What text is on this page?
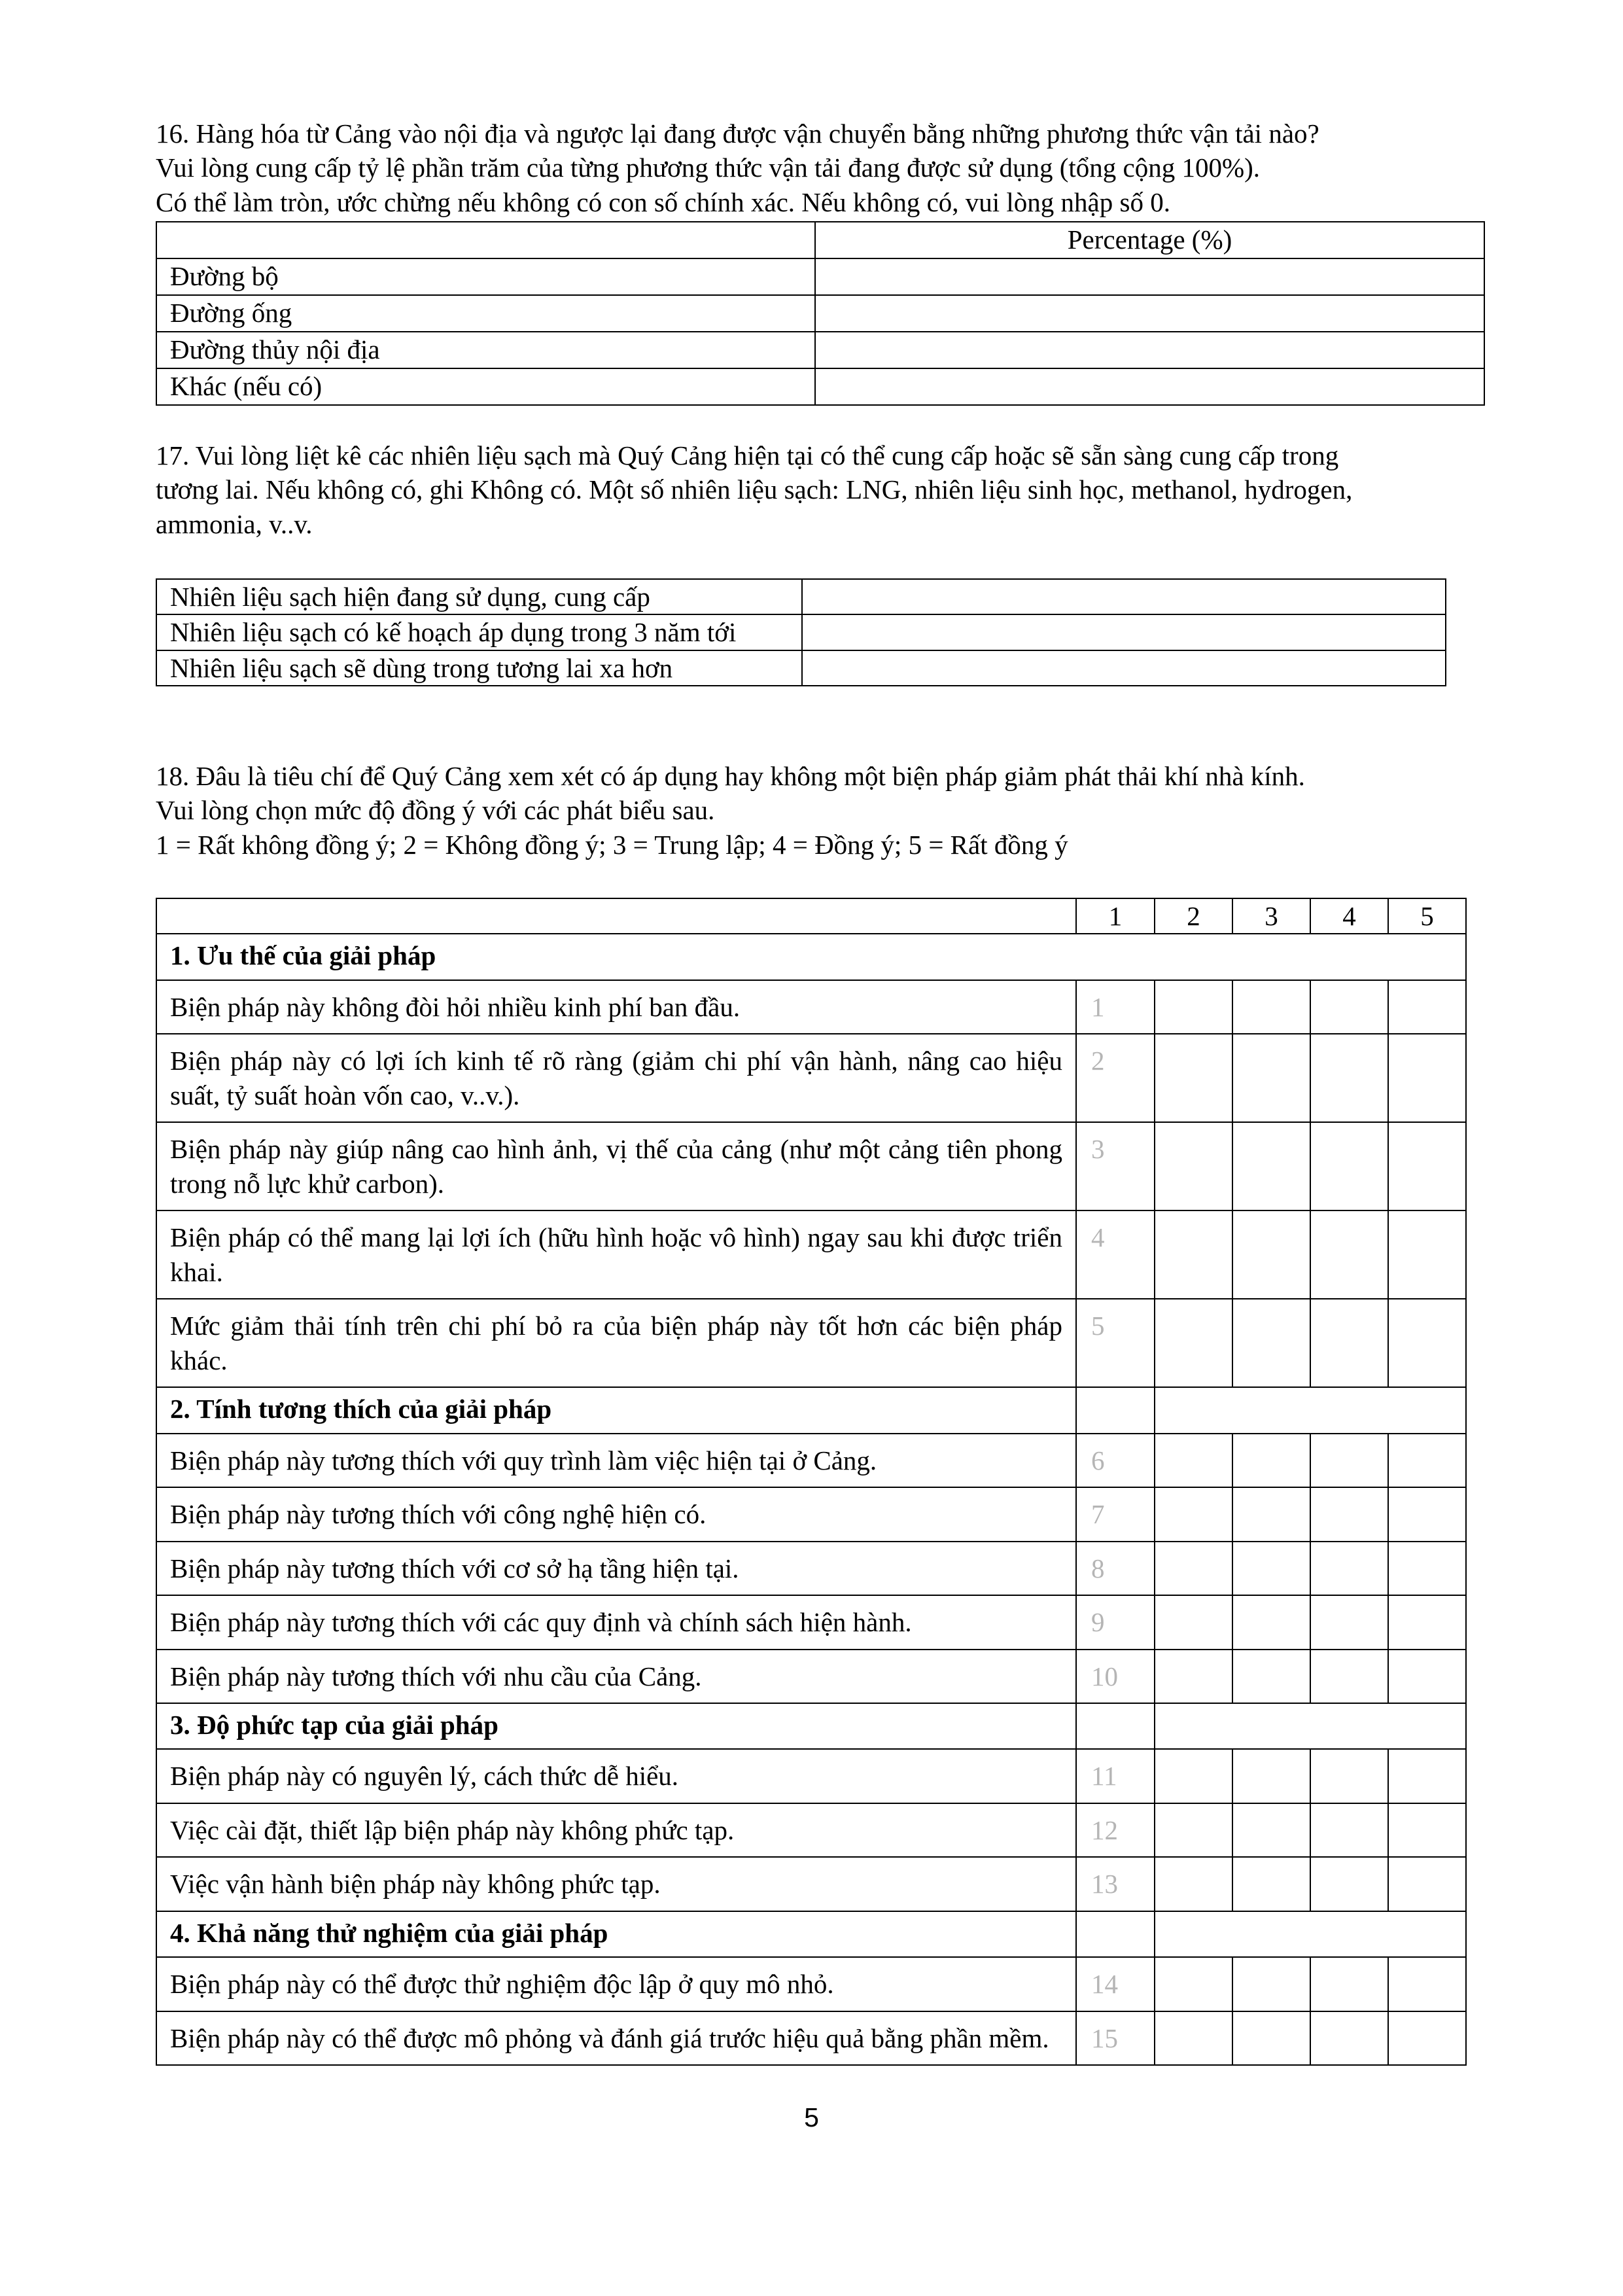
16. Hàng hóa từ Cảng vào nội địa và ngược lại đang được vận chuyển bằng những phương thức vận tải nào?

Vui lòng cung cấp tỷ lệ phần trăm của từng phương thức vận tải đang được sử dụng (tổng cộng 100%).

Có thể làm tròn, ước chừng nếu không có con số chính xác. Nếu không có, vui lòng nhập số 0.

	Percentage (%)
Đường bộ	
Đường ống	
Đường thủy nội địa	
Khác (nếu có)	

17. Vui lòng liệt kê các nhiên liệu sạch mà Quý Cảng hiện tại có thể cung cấp hoặc sẽ sẵn sàng cung cấp trong

tương lai. Nếu không có, ghi Không có. Một số nhiên liệu sạch: LNG, nhiên liệu sinh học, methanol, hydrogen,

ammonia, v..v.

Nhiên liệu sạch hiện đang sử dụng, cung cấp	
Nhiên liệu sạch có kế hoạch áp dụng trong 3 năm tới	
Nhiên liệu sạch sẽ dùng trong tương lai xa hơn	

18. Đâu là tiêu chí để Quý Cảng xem xét có áp dụng hay không một biện pháp giảm phát thải khí nhà kính.

Vui lòng chọn mức độ đồng ý với các phát biểu sau.

1 = Rất không đồng ý; 2 = Không đồng ý; 3 = Trung lập; 4 = Đồng ý; 5 = Rất đồng ý

	1	2	3	4	5
1. Ưu thế của giải pháp					
Biện pháp này không đòi hỏi nhiều kinh phí ban đầu.	1				
Biện pháp này có lợi ích kinh tế rõ ràng (giảm chi phí vận hành, nâng cao hiệu suất, tỷ suất hoàn vốn cao, v..v.).	2				
Biện pháp này giúp nâng cao hình ảnh, vị thế của cảng (như một cảng tiên phong trong nỗ lực khử carbon).	3				
Biện pháp có thể mang lại lợi ích (hữu hình hoặc vô hình) ngay sau khi được triển khai.	4				
Mức giảm thải tính trên chi phí bỏ ra của biện pháp này tốt hơn các biện pháp khác.	5				
2. Tính tương thích của giải pháp					
Biện pháp này tương thích với quy trình làm việc hiện tại ở Cảng.	6				
Biện pháp này tương thích với công nghệ hiện có.	7				
Biện pháp này tương thích với cơ sở hạ tầng hiện tại.	8				
Biện pháp này tương thích với các quy định và chính sách hiện hành.	9				
Biện pháp này tương thích với nhu cầu của Cảng.	10				
3. Độ phức tạp của giải pháp					
Biện pháp này có nguyên lý, cách thức dễ hiểu.	11				
Việc cài đặt, thiết lập biện pháp này không phức tạp.	12				
Việc vận hành biện pháp này không phức tạp.	13				
4. Khả năng thử nghiệm của giải pháp					
Biện pháp này có thể được thử nghiệm độc lập ở quy mô nhỏ.	14				
Biện pháp này có thể được mô phỏng và đánh giá trước hiệu quả bằng phần mềm.	15				
5
